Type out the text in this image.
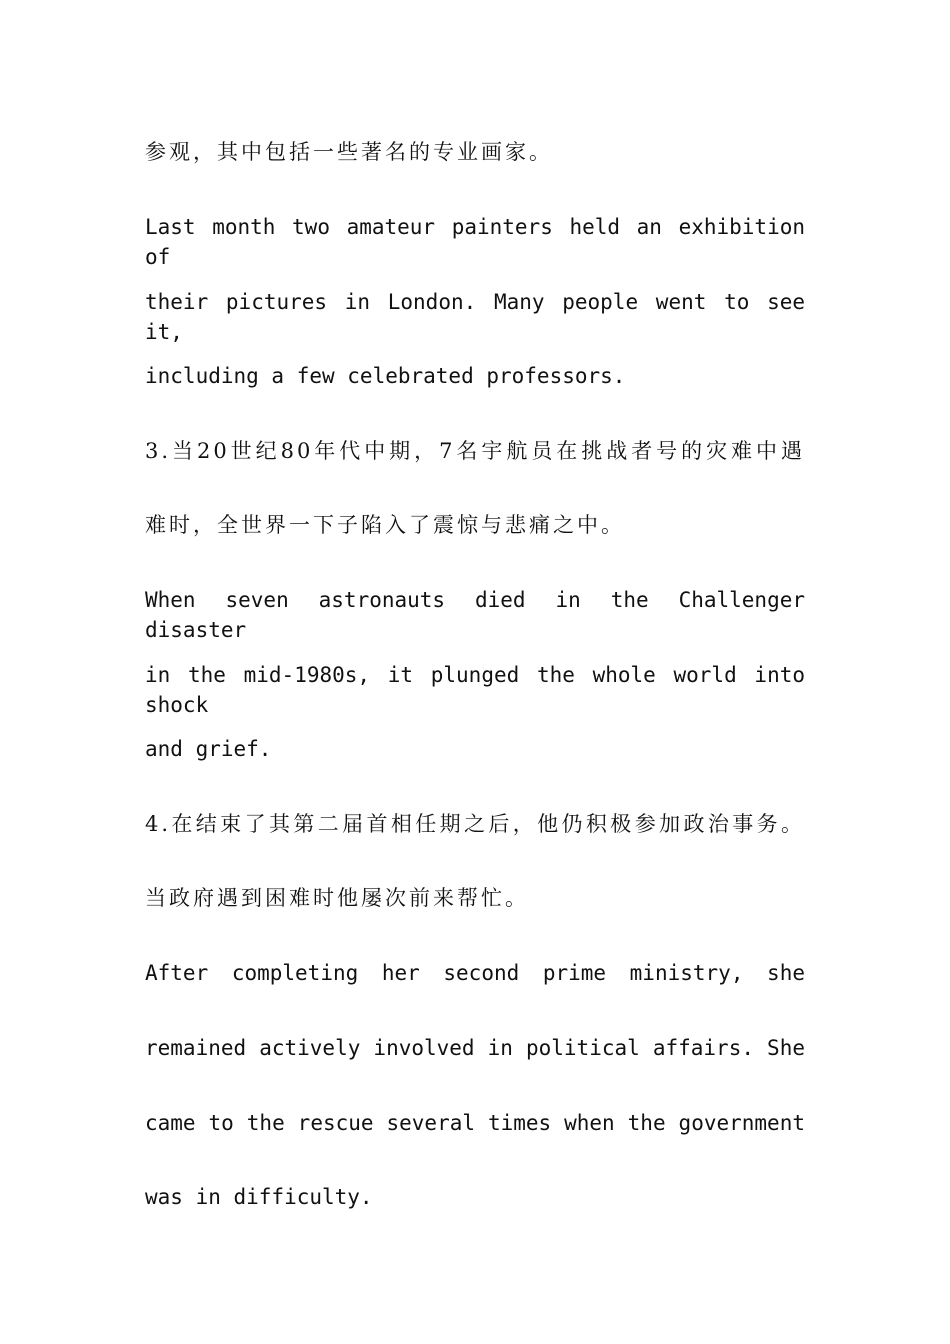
参观，其中包括一些著名的专业画家。
Last month two amateur painters held an exhibition of
their pictures in London. Many people went to see it,
including a few celebrated professors.
3.当20世纪80年代中期，7名宇航员在挑战者号的灾难中遇
难时，全世界一下子陷入了震惊与悲痛之中。
When seven astronauts died in the Challenger disaster
in the mid-1980s, it plunged the whole world into shock
and grief.
4.在结束了其第二届首相任期之后，他仍积极参加政治事务。
当政府遇到困难时他屡次前来帮忙。
After completing her second prime ministry, she
remained actively involved in political affairs. She
came to the rescue several times when the government
was in difficulty.
